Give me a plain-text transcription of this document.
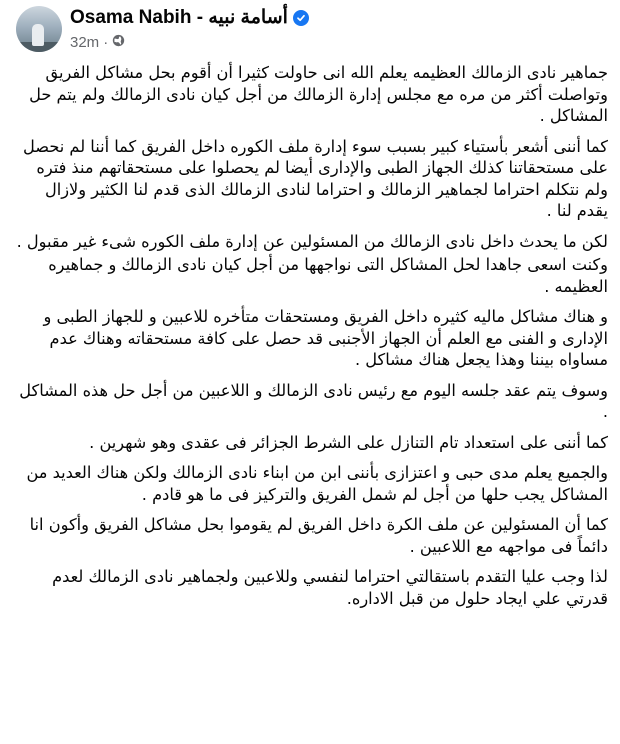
Osama Nabih - أسامة نبيه
32m ·

جماهير نادى الزمالك العظيمه يعلم الله انى حاولت كثيرا أن أقوم بحل مشاكل الفريق وتواصلت أكثر من مره مع مجلس إدارة الزمالك من أجل كيان نادى الزمالك ولم يتم حل المشاكل .

كما أننى أشعر بأستياء كبير بسبب سوء إدارة ملف الكوره داخل الفريق كما أننا لم نحصل على مستحقاتنا كذلك الجهاز الطبى والإدارى أيضا لم يحصلوا على مستحقاتهم منذ فتره ولم نتكلم احتراما لجماهير الزمالك و احتراما لنادى الزمالك الذى قدم لنا الكثير ولازال يقدم لنا .

لكن ما يحدث داخل نادى الزمالك من المسئولين عن إدارة ملف الكوره شىء غير مقبول .

وكنت اسعى جاهدا لحل المشاكل التى نواجهها من أجل كيان نادى الزمالك و جماهيره العظيمه .

و هناك مشاكل ماليه كثيره داخل الفريق ومستحقات متأخره للاعبين و للجهاز الطبى و الإدارى و الفنى مع العلم أن الجهاز الأجنبى قد حصل على كافة مستحقاته وهناك عدم مساواه بيننا وهذا يجعل هناك مشاكل .

وسوف يتم عقد جلسه اليوم مع رئيس نادى الزمالك و اللاعبين من أجل حل هذه المشاكل .

كما أننى على استعداد تام التنازل على الشرط الجزائر فى عقدى وهو شهرين .

والجميع يعلم مدى حبى و اعتزازى بأننى ابن من ابناء نادى الزمالك ولكن هناك العديد من المشاكل يجب حلها من أجل لم شمل الفريق والتركيز فى ما هو قادم .

كما أن المسئولين عن ملف الكرة داخل الفريق لم يقوموا بحل مشاكل الفريق وأكون انا دائماً فى مواجهه مع اللاعبين .

لذا وجب عليا التقدم باستقالتي احتراما لنفسي وللاعبين ولجماهير نادى الزمالك لعدم قدرتي علي ايجاد حلول من قبل الاداره.
